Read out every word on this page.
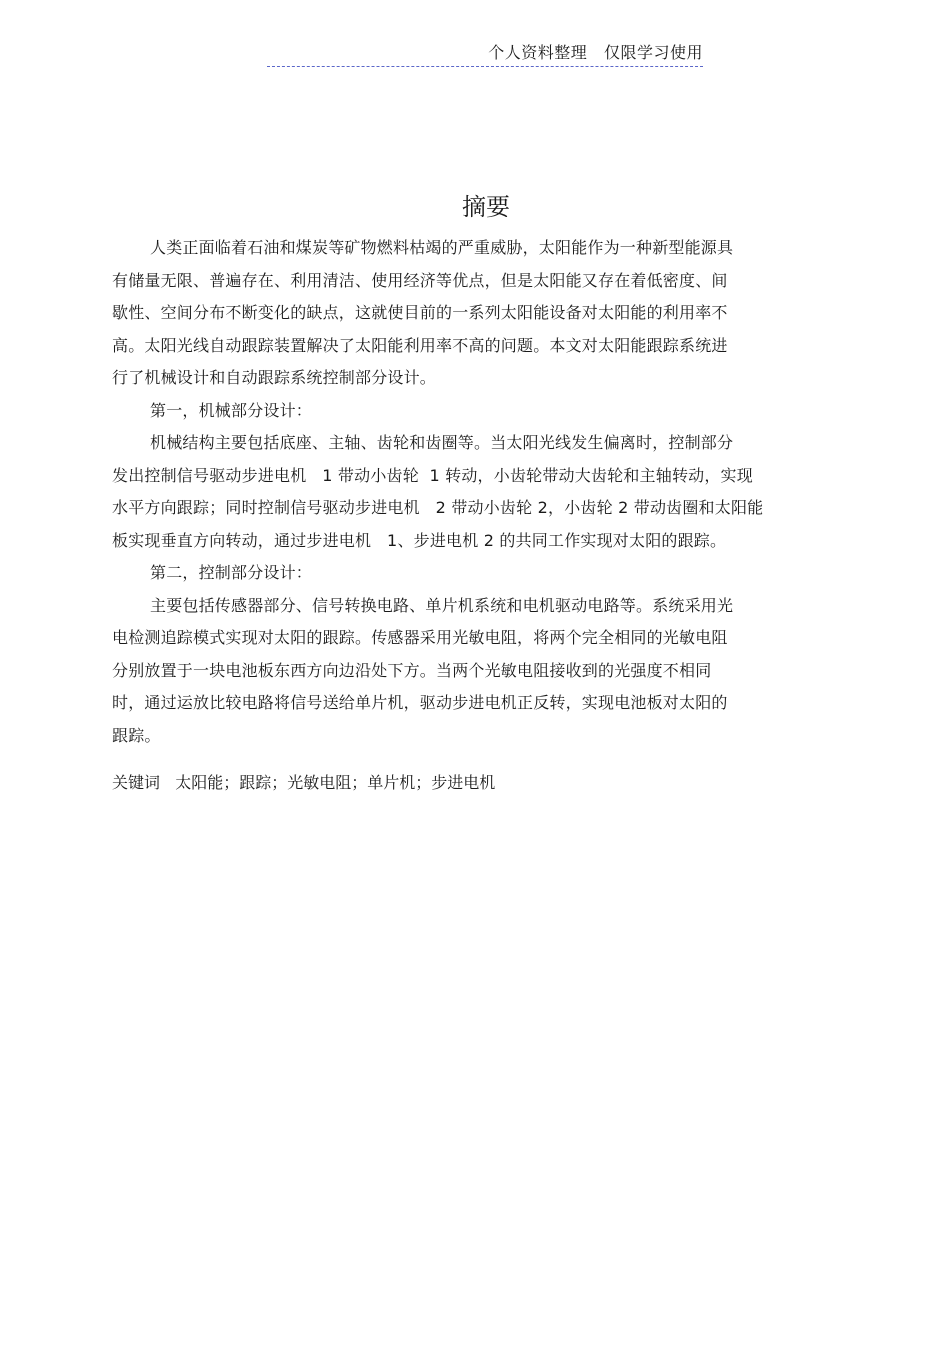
个人资料整理   仅限学习使用
摘要
人类正面临着石油和煤炭等矿物燃料枯竭的严重威胁，太阳能作为一种新型能源具
有储量无限、普遍存在、利用清洁、使用经济等优点，但是太阳能又存在着低密度、间
歇性、空间分布不断变化的缺点，这就使目前的一系列太阳能设备对太阳能的利用率不
高。太阳光线自动跟踪装置解决了太阳能利用率不高的问题。本文对太阳能跟踪系统进
行了机械设计和自动跟踪系统控制部分设计。
第一，机械部分设计：
机械结构主要包括底座、主轴、齿轮和齿圈等。当太阳光线发生偏离时，控制部分
发出控制信号驱动步进电机   1 带动小齿轮  1 转动，小齿轮带动大齿轮和主轴转动，实现
水平方向跟踪；同时控制信号驱动步进电机   2 带动小齿轮 2，小齿轮 2 带动齿圈和太阳能
板实现垂直方向转动，通过步进电机   1、步进电机 2 的共同工作实现对太阳的跟踪。
第二，控制部分设计：
主要包括传感器部分、信号转换电路、单片机系统和电机驱动电路等。系统采用光
电检测追踪模式实现对太阳的跟踪。传感器采用光敏电阻，将两个完全相同的光敏电阻
分别放置于一块电池板东西方向边沿处下方。当两个光敏电阻接收到的光强度不相同
时，通过运放比较电路将信号送给单片机，驱动步进电机正反转，实现电池板对太阳的
跟踪。
关键词 太阳能；跟踪；光敏电阻；单片机；步进电机
